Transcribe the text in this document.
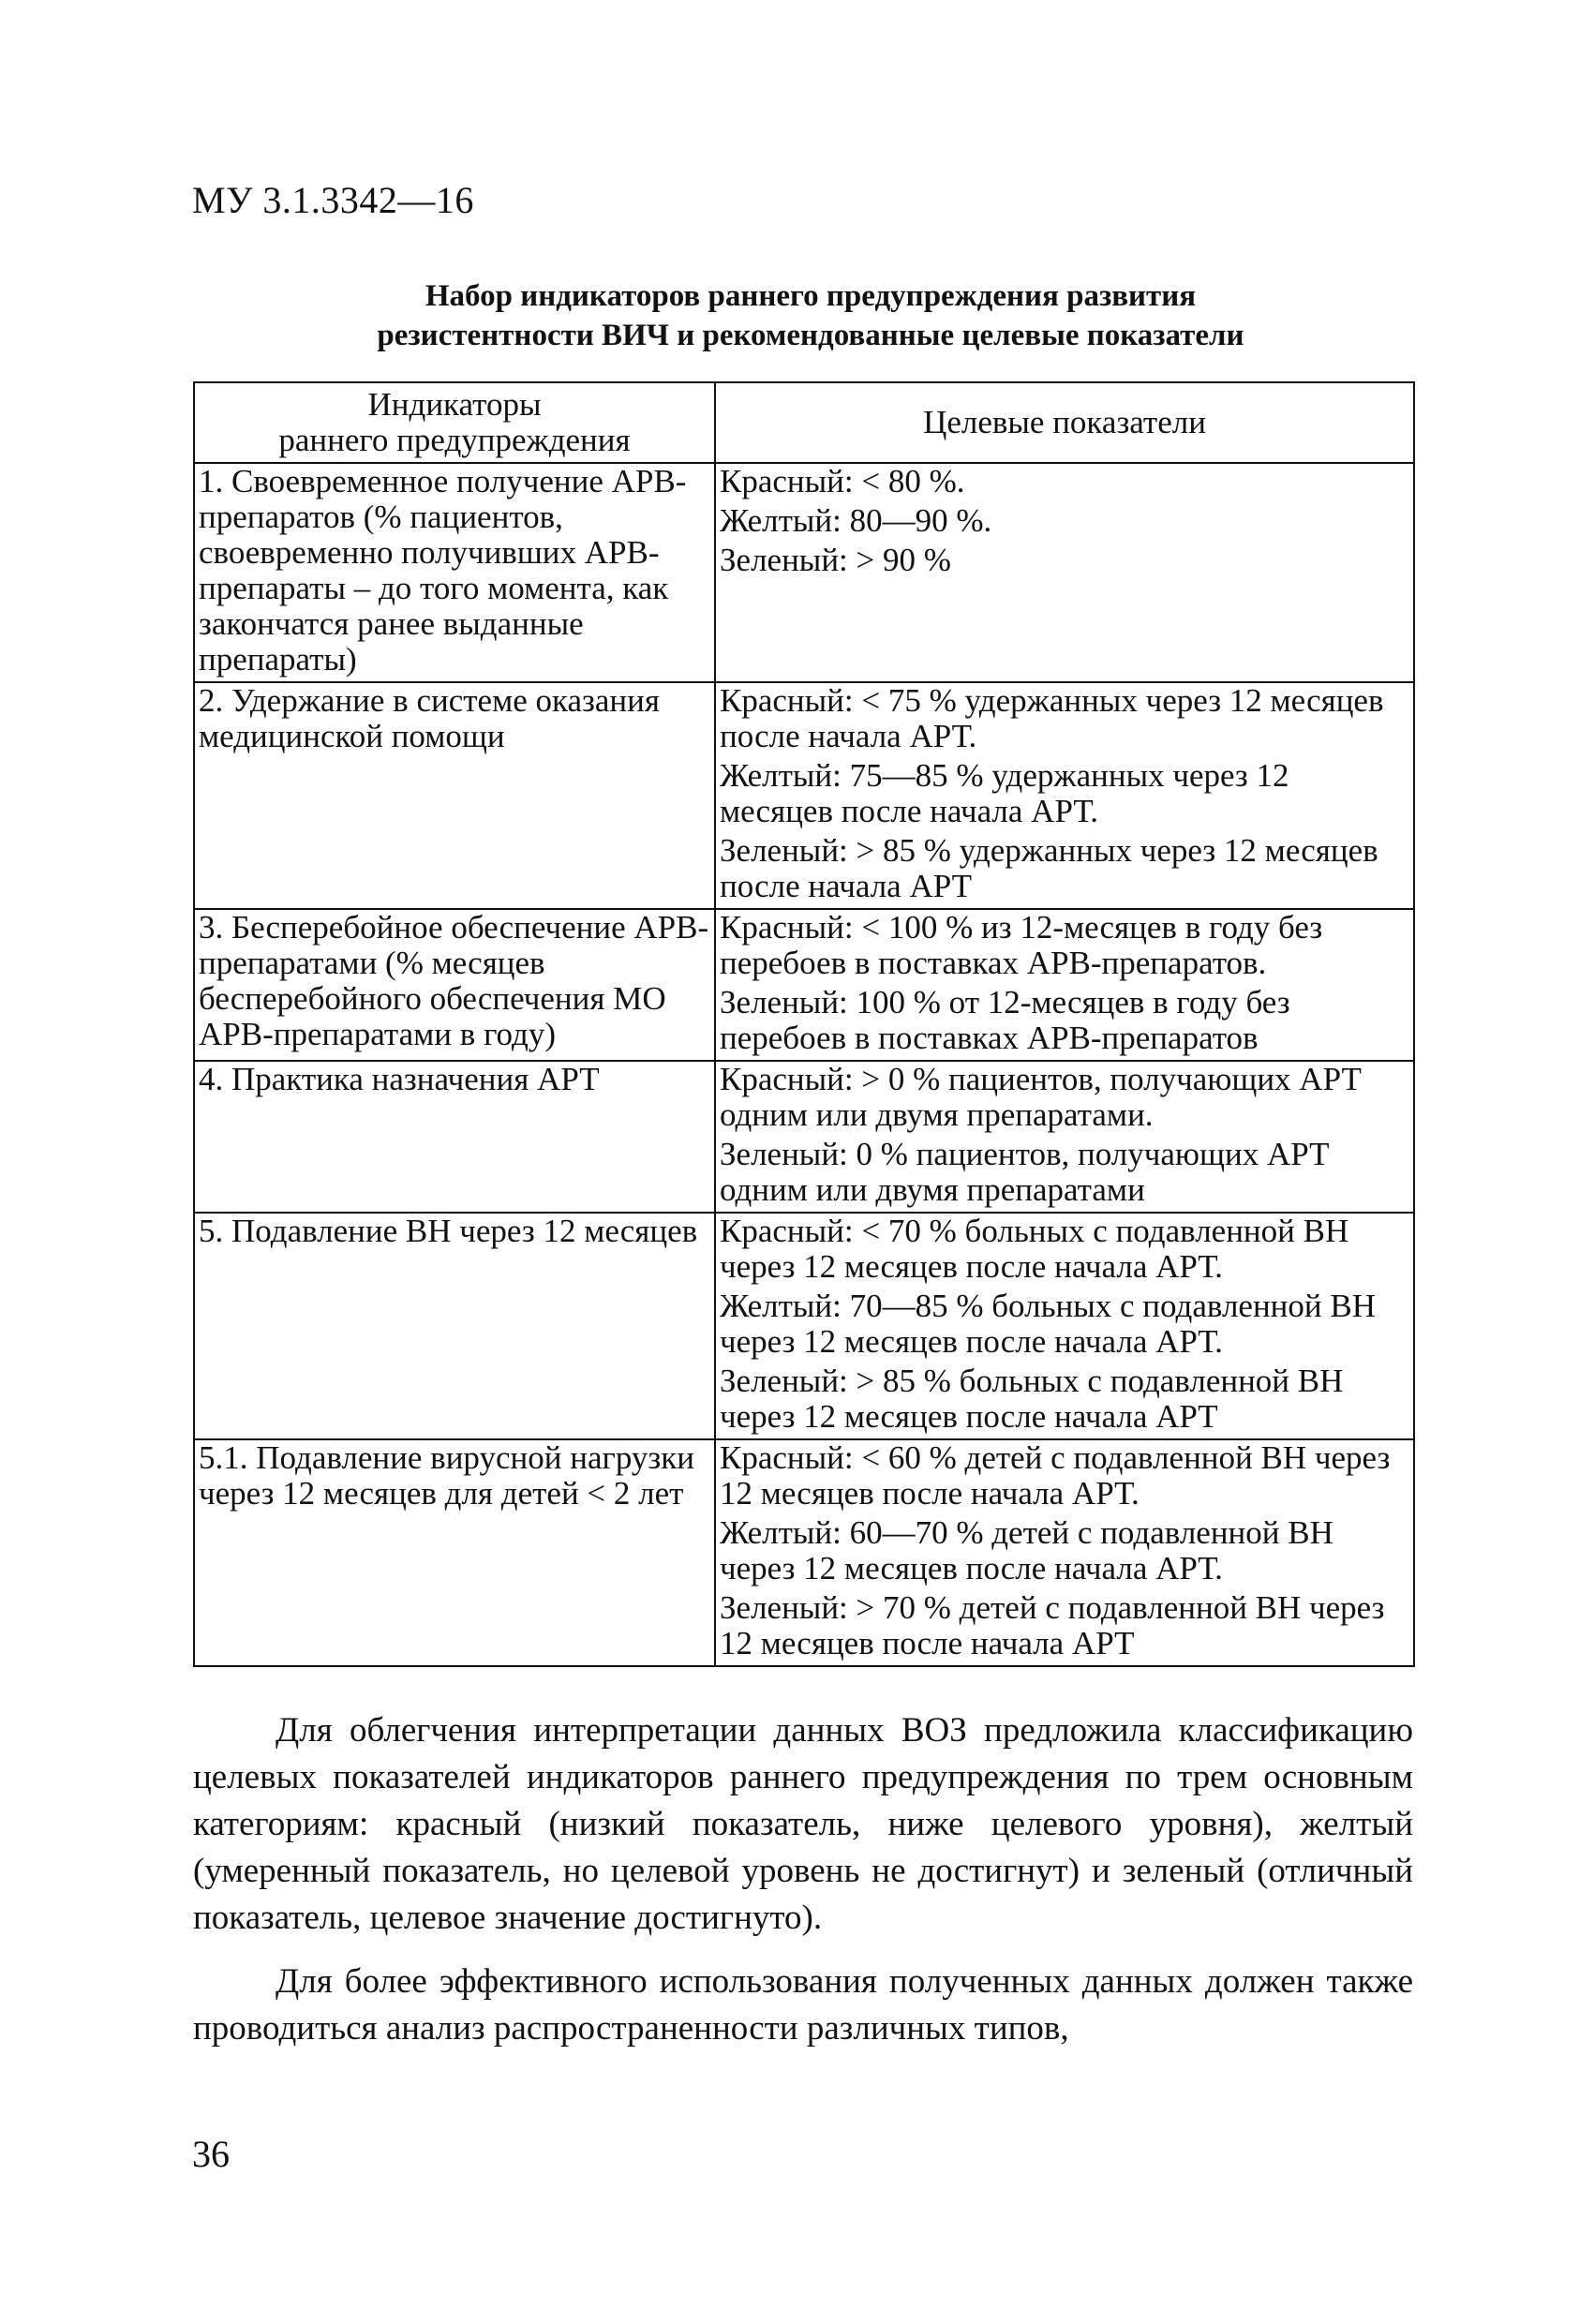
МУ 3.1.3342—16
Набор индикаторов раннего предупреждения развития
резистентности ВИЧ и рекомендованные целевые показатели
Индикаторы
раннего предупреждения	Целевые показатели
1. Своевременное получение АРВ-препаратов (% пациентов, своевременно получивших АРВ-препараты – до того момента, как закончатся ранее выданные препараты)	Красный: < 80 %.
Желтый: 80—90 %.
Зеленый: > 90 %

2. Удержание в системе оказания медицинской помощи	Красный: < 75 % удержанных через 12 месяцев после начала АРТ.
Желтый: 75—85 % удержанных через 12 месяцев после начала АРТ.
Зеленый: > 85 % удержанных через 12 месяцев после начала АРТ

3. Бесперебойное обеспечение АРВ-препаратами (% месяцев бесперебойного обеспечения МО АРВ-препаратами в году)	Красный: < 100 % из 12-месяцев в году без перебоев в поставках АРВ-препаратов.
Зеленый: 100 % от 12-месяцев в году без перебоев в поставках АРВ-препаратов

4. Практика назначения АРТ	Красный: > 0 % пациентов, получающих АРТ одним или двумя препаратами.
Зеленый: 0 % пациентов, получающих АРТ одним или двумя препаратами

5. Подавление ВН через 12 месяцев	Красный: < 70 % больных с подавленной ВН через 12 месяцев после начала АРТ.
Желтый: 70—85 % больных с подавленной ВН через 12 месяцев после начала АРТ.
Зеленый: > 85 % больных с подавленной ВН через 12 месяцев после начала АРТ

5.1. Подавление вирусной нагрузки через 12 месяцев для детей < 2 лет	Красный: < 60 % детей с подавленной ВН через 12 месяцев после начала АРТ.
Желтый: 60—70 % детей с подавленной ВН через 12 месяцев после начала АРТ.
Зеленый: > 70 % детей с подавленной ВН через 12 месяцев после начала АРТ

Для облегчения интерпретации данных ВОЗ предложила классификацию целевых показателей индикаторов раннего предупреждения по трем основным категориям: красный (низкий показатель, ниже целевого уровня), желтый (умеренный показатель, но целевой уровень не достигнут) и зеленый (отличный показатель, целевое значение достигнуто).

Для более эффективного использования полученных данных должен также проводиться анализ распространенности различных типов,

36
